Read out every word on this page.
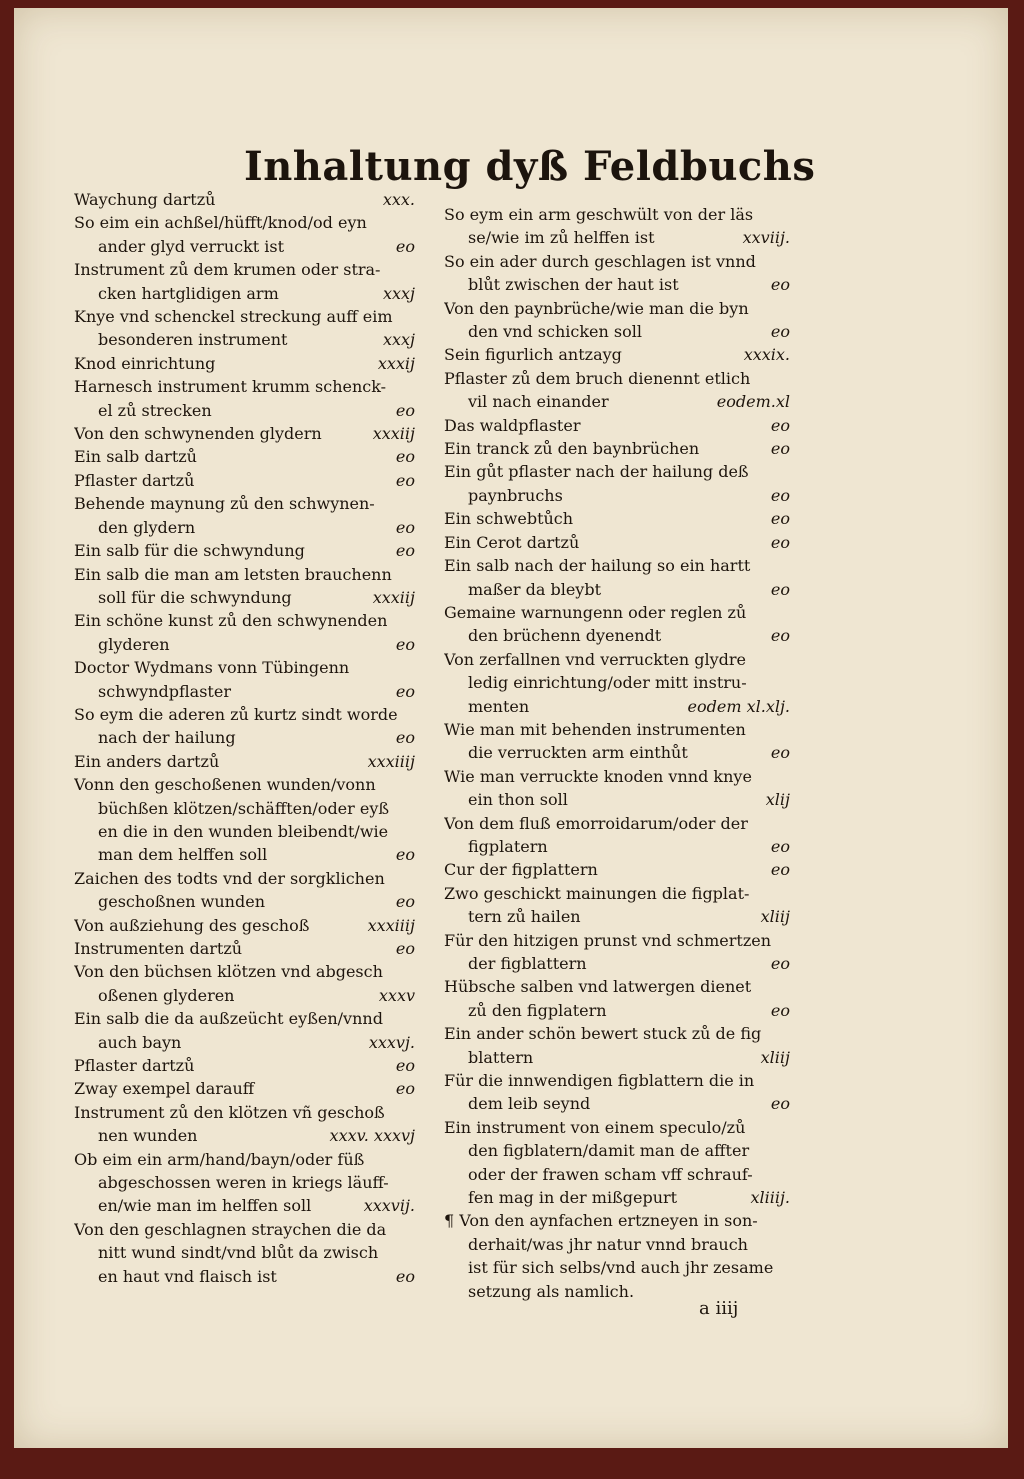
Inhaltung dyß Feldbuchs
Waychung dartzů	xxx.
So eim ein achßel/hüfft/knod/od eyn
ander glyd verruckt ist	eo
Instrument zů dem krumen oder stra-
cken hartglidigen arm	xxxj
Knye vnd schenckel streckung auff eim
besonderen instrument	xxxj
Knod einrichtung	xxxij
Harnesch instrument krumm schenck-
el zů strecken	eo
Von den schwynenden glydern	xxxiij
Ein salb dartzů	eo
Pflaster dartzů	eo
Behende maynung zů den schwynen-
den glydern	eo
Ein salb für die schwyndung	eo
Ein salb die man am letsten brauchenn
soll für die schwyndung	xxxiij
Ein schöne kunst zů den schwynenden
glyderen	eo
Doctor Wydmans vonn Tübingenn
schwyndpflaster	eo
So eym die aderen zů kurtz sindt worde
nach der hailung	eo
Ein anders dartzů	xxxiiij
Vonn den geschoßenen wunden/vonn
büchßen klötzen/schäfften/oder eyß
en die in den wunden bleibendt/wie
man dem helffen soll	eo
Zaichen des todts vnd der sorgklichen
geschoßnen wunden	eo
Von außziehung des geschoß	xxxiiij
Instrumenten dartzů	eo
Von den büchsen klötzen vnd abgesch
oßenen glyderen	xxxv
Ein salb die da außzeücht eyßen/vnnd
auch bayn	xxxvj.
Pflaster dartzů	eo
Zway exempel darauff	eo
Instrument zů den klötzen vñ geschoß
nen wunden	xxxv. xxxvj
Ob eim ein arm/hand/bayn/oder füß
abgeschossen weren in kriegs läuff-
en/wie man im helffen soll	xxxvij.
Von den geschlagnen straychen die da
nitt wund sindt/vnd blůt da zwisch
en haut vnd flaisch ist	eo
So eym ein arm geschwült von der läs
se/wie im zů helffen ist	xxviij.
So ein ader durch geschlagen ist vnnd
blůt zwischen der haut ist	eo
Von den paynbrüche/wie man die byn
den vnd schicken soll	eo
Sein figurlich antzayg	xxxix.
Pflaster zů dem bruch dienennt etlich
vil nach einander	eodem.xl
Das waldpflaster	eo
Ein tranck zů den baynbrüchen	eo
Ein gůt pflaster nach der hailung deß
paynbruchs	eo
Ein schwebtůch	eo
Ein Cerot dartzů	eo
Ein salb nach der hailung so ein hartt
maßer da bleybt	eo
Gemaine warnungenn oder reglen zů
den brüchenn dyenendt	eo
Von zerfallnen vnd verruckten glydre
ledig einrichtung/oder mitt instru-
menten	eodem xl.xlj.
Wie man mit behenden instrumenten
die verruckten arm einthůt	eo
Wie man verruckte knoden vnnd knye
ein thon soll	xlij
Von dem fluß emorroidarum/oder der
figplatern	eo
Cur der figplattern	eo
Zwo geschickt mainungen die figplat-
tern zů hailen	xliij
Für den hitzigen prunst vnd schmertzen
der figblattern	eo
Hübsche salben vnd latwergen dienet
zů den figplatern	eo
Ein ander schön bewert stuck zů de fig
blattern	xliij
Für die innwendigen figblattern die in
dem leib seynd	eo
Ein instrument von einem speculo/zů
den figblatern/damit man de affter
oder der frawen scham vff schrauf-
fen mag in der mißgepurt	xliiij.
¶ Von den aynfachen ertzneyen in son-
derhait/was jhr natur vnnd brauch
ist für sich selbs/vnd auch jhr zesame
setzung als namlich.
a iiij
